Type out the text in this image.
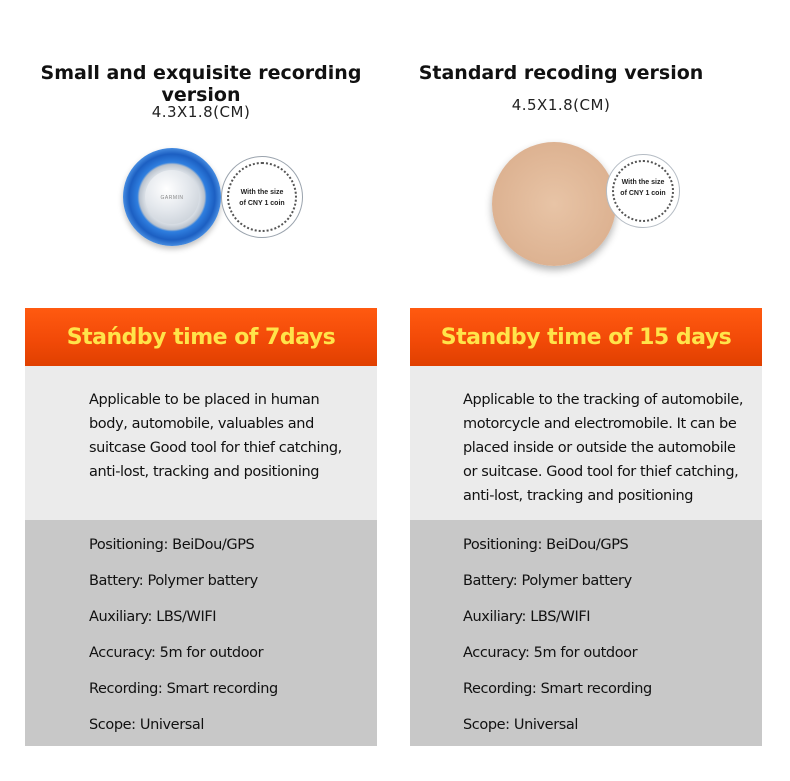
Small and exquisite recording version
4.3X1.8(CM)
GARMIN
With the size
of CNY 1 coin
Stańdby time of 7days

Applicable to be placed in human body, automobile, valuables and suitcase Good tool for thief catching, anti-lost, tracking and positioning

Positioning: BeiDou/GPS
Battery: Polymer battery
Auxiliary: LBS/WIFI
Accuracy: 5m for outdoor
Recording: Smart recording
Scope: Universal
Standard recoding version
4.5X1.8(CM)
With the size
of CNY 1 coin
Standby time of 15 days

Applicable to the tracking of automobile, motorcycle and electromobile. It can be placed inside or outside the automobile or suitcase. Good tool for thief catching, anti-lost, tracking and positioning

Positioning: BeiDou/GPS
Battery: Polymer battery
Auxiliary: LBS/WIFI
Accuracy: 5m for outdoor
Recording: Smart recording
Scope: Universal
